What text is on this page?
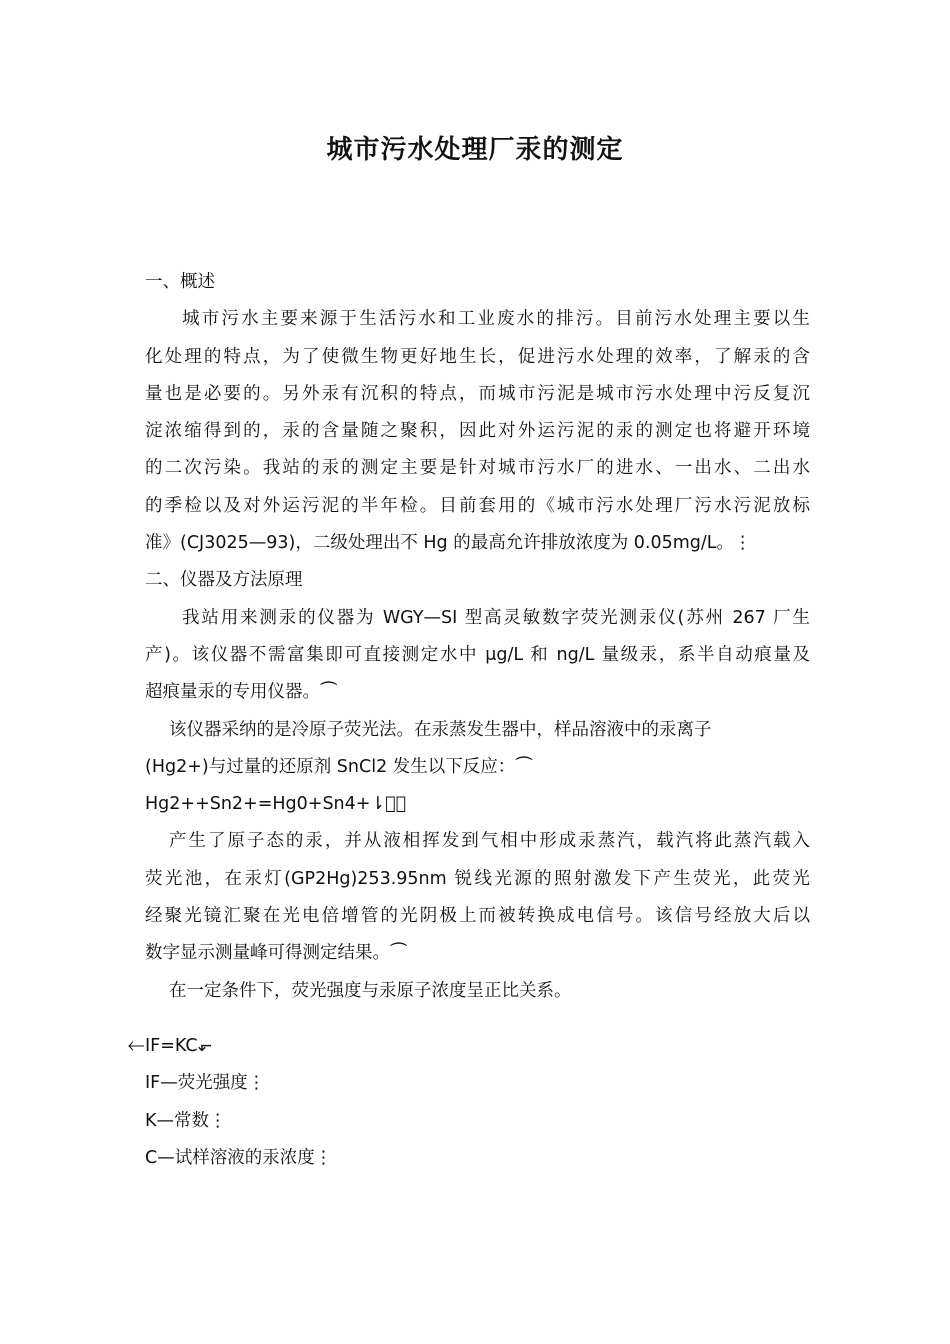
城市污水处理厂汞的测定
一、概述
城市污水主要来源于生活污水和工业废水的排污。目前污水处理主要以生
化处理的特点，为了使微生物更好地生长，促进污水处理的效率，了解汞的含
量也是必要的。另外汞有沉积的特点，而城市污泥是城市污水处理中污反复沉
淀浓缩得到的，汞的含量随之聚积，因此对外运污泥的汞的测定也将避开环境
的二次污染。我站的汞的测定主要是针对城市污水厂的进水、一出水、二出水
的季检以及对外运污泥的半年检。目前套用的《城市污水处理厂污水污泥放标
准》(CJ3025—93)，二级处理出不 Hg 的最高允许排放浓度为 0.05mg/L。⋮
二、仪器及方法原理
我站用来测汞的仪器为 WGY—SI 型高灵敏数字荧光测汞仪(苏州 267 厂生
产)。该仪器不需富集即可直接测定水中 μg/L 和 ng/L 量级汞，系半自动痕量及
超痕量汞的专用仪器。⏜
该仪器采纳的是冷原子荧光法。在汞蒸发生器中，样品溶液中的汞离子
(Hg2+)与过量的还原剂 SnCl2 发生以下反应：⏜
Hg2++Sn2+=Hg0+Sn4+⇂⃓⃪
产生了原子态的汞，并从液相挥发到气相中形成汞蒸汽，载汽将此蒸汽载入
荧光池，在汞灯(GP2Hg)253.95nm 锐线光源的照射激发下产生荧光，此荧光
经聚光镜汇聚在光电倍增管的光阴极上而被转换成电信号。该信号经放大后以
数字显示测量峰可得测定结果。⏜
在一定条件下，荧光强度与汞原子浓度呈正比关系。
⃪IF=KC⬐
IF—荧光强度⋮
K—常数⋮
C—试样溶液的汞浓度⋮
